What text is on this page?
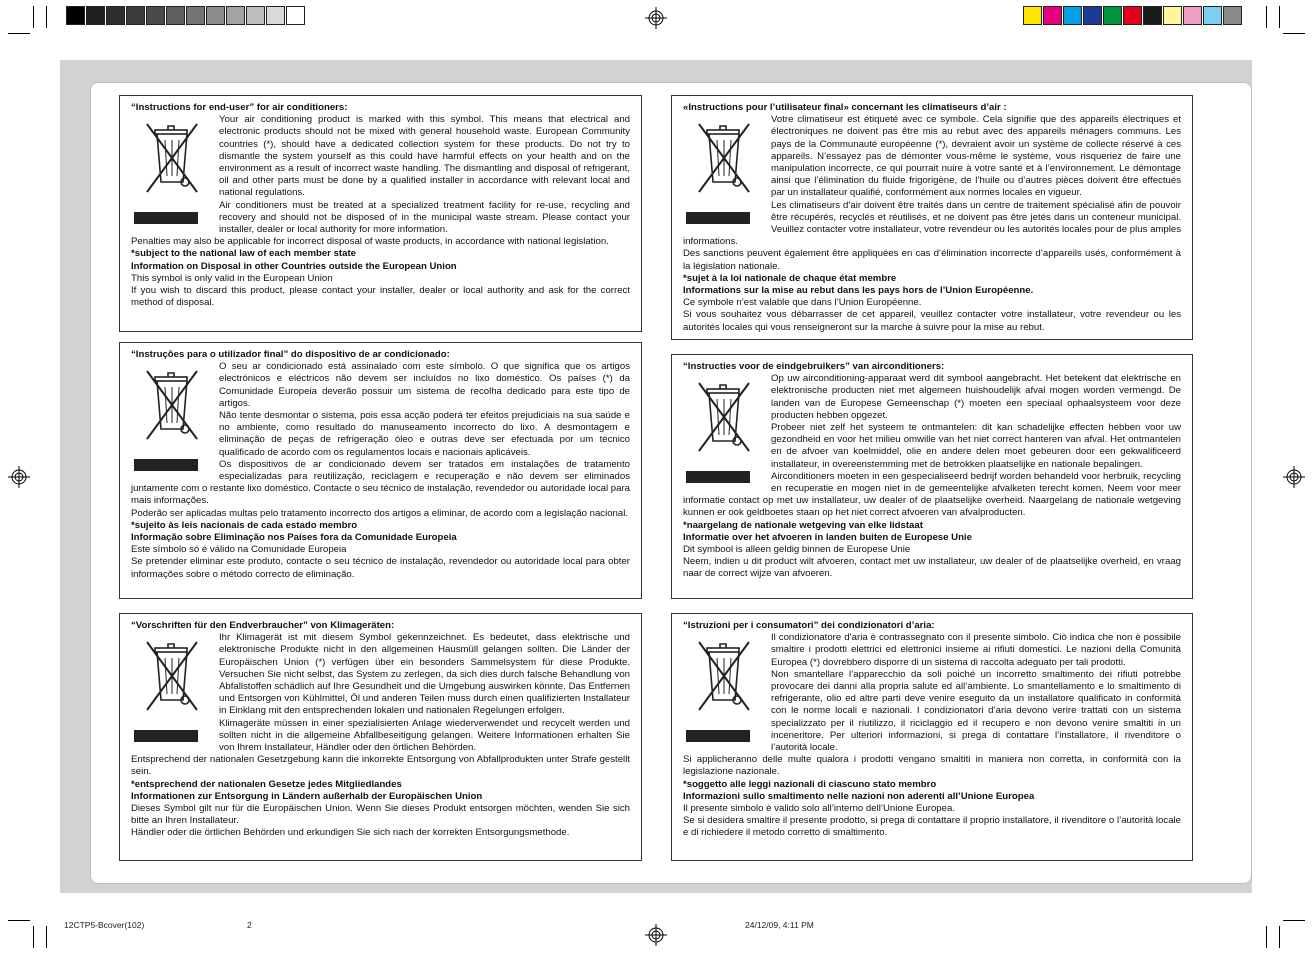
“Instructions for end-user” for air conditioners:

Your air conditioning product is marked with this symbol. This means that electrical and electronic products should not be mixed with general household waste. European Community countries (*), should have a dedicated collection system for these products. Do not try to dismantle the system yourself as this could have harmful effects on your health and on the environment as a result of incorrect waste handling. The dismantling and disposal of refrigerant, oil and other parts must be done by a qualified installer in accordance with relevant local and national regulations.

Air conditioners must be treated at a specialized treatment facility for re-use, recycling and recovery and should not be disposed of in the municipal waste stream. Please contact your installer, dealer or local authority for more information.

Penalties may also be applicable for incorrect disposal of waste products, in accordance with national legislation.

*subject to the national law of each member state

Information on Disposal in other Countries outside the European Union

This symbol is only valid in the European Union

If you wish to discard this product, please contact your installer, dealer or local authority and ask for the correct method of disposal.

“Instruções para o utilizador final” do dispositivo de ar condicionado:

O seu ar condicionado está assinalado com este símbolo. O que significa que os artigos electrónicos e eléctricos não devem ser incluídos no lixo doméstico. Os países (*) da Comunidade Europeia deverão possuir um sistema de recolha dedicado para este tipo de artigos.

Não tente desmontar o sistema, pois essa acção poderá ter efeitos prejudiciais na sua saúde e no ambiente, como resultado do manuseamento incorrecto do lixo. A desmontagem e eliminação de peças de refrigeração óleo e outras deve ser efectuada por um técnico qualificado de acordo com os regulamentos locais e nacionais aplicáveis.

Os dispositivos de ar condicionado devem ser tratados em instalações de tratamento especializadas para reutilização, reciclagem e recuperação e não devem ser eliminados juntamente com o restante lixo doméstico. Contacte o seu técnico de instalação, revendedor ou autoridade local para mais informações.

Poderão ser aplicadas multas pelo tratamento incorrecto dos artigos a eliminar, de acordo com a legislação nacional.

*sujeito às leis nacionais de cada estado membro

Informação sobre Eliminação nos Países fora da Comunidade Europeia

Este símbolo só é válido na Comunidade Europeia

Se pretender eliminar este produto, contacte o seu técnico de instalação, revendedor ou autoridade local para obter informações sobre o método correcto de eliminação.

“Vorschriften für den Endverbraucher” von Klimageräten:

Ihr Klimagerät ist mit diesem Symbol gekennzeichnet. Es bedeutet, dass elektrische und elektronische Produkte nicht in den allgemeinen Hausmüll gelangen sollten. Die Länder der Europäischen Union (*) verfügen über ein besonders Sammelsystem für diese Produkte. Versuchen Sie nicht selbst, das System zu zerlegen, da sich dies durch falsche Behandlung von Abfallstoffen schädlich auf Ihre Gesundheit und die Umgebung auswirken könnte. Das Entfernen und Entsorgen von Kühlmittel, Öl und anderen Teilen muss durch einen qualifizierten Installateur in Einklang mit den entsprechenden lokalen und nationalen Regelungen erfolgen.

Klimageräte müssen in einer spezialisierten Anlage wiederverwendet und recycelt werden und sollten nicht in die allgemeine Abfallbeseitigung gelangen. Weitere Informationen erhalten Sie von Ihrem Installateur, Händler oder den örtlichen Behörden.

Entsprechend der nationalen Gesetzgebung kann die inkorrekte Entsorgung von Abfallprodukten unter Strafe gestellt sein.

*entsprechend der nationalen Gesetze jedes Mitgliedlandes

Informationen zur Entsorgung in Ländern außerhalb der Europäischen Union

Dieses Symbol gilt nur für die Europäischen Union. Wenn Sie dieses Produkt entsorgen möchten, wenden Sie sich bitte an Ihren Installateur.

Händler oder die örtlichen Behörden und erkundigen Sie sich nach der korrekten Entsorgungsmethode.

«Instructions pour l’utilisateur final» concernant les climatiseurs d’air :

Votre climatiseur est étiqueté avec ce symbole. Cela signifie que des appareils électriques et électroniques ne doivent pas être mis au rebut avec des appareils ménagers communs. Les pays de la Communauté européenne (*), devraient avoir un système de collecte réservé à ces appareils. N’essayez pas de démonter vous-même le système, vous risqueriez de faire une manipulation incorrecte, ce qui pourrait nuire à votre santé et à l’environnement. Le démontage ainsi que l’élimination du fluide frigorigène, de l’huile ou d’autres pièces doivent être effectués par un installateur qualifié, conformément aux normes locales en vigueur.

Les climatiseurs d’air doivent être traités dans un centre de traitement spécialisé afin de pouvoir être récupérés, recyclés et réutilisés, et ne doivent pas être jetés dans un conteneur municipal. Veuillez contacter votre installateur, votre revendeur ou les autorités locales pour de plus amples informations.

Des sanctions peuvent également être appliquées en cas d’élimination incorrecte d’appareils usés, conformément à la législation nationale.

*sujet à la loi nationale de chaque état membre

Informations sur la mise au rebut dans les pays hors de l’Union Européenne.

Ce symbole n’est valable que dans l’Union Européenne.

Si vous souhaitez vous débarrasser de cet appareil, veuillez contacter votre installateur, votre revendeur ou les autorités locales qui vous renseigneront sur la marche à suivre pour la mise au rebut.

“Instructies voor de eindgebruikers” van airconditioners:

Op uw airconditioning-apparaat werd dit symbool aangebracht. Het betekent dat elektrische en elektronische producten niet met algemeen huishoudelijk afval mogen worden vermengd. De landen van de Europese Gemeenschap (*) moeten een speciaal ophaalsysteem voor deze producten hebben opgezet.

Probeer niet zelf het systeem te ontmantelen: dit kan schadelijke effecten hebben voor uw gezondheid en voor het milieu omwille van het niet correct hanteren van afval. Het ontmantelen en de afvoer van koelmiddel, olie en andere delen moet gebeuren door een gekwalificeerd installateur, in overeenstemming met de betrokken plaatselijke en nationale bepalingen.

Airconditioners moeten in een gespecialiseerd bedrijf worden behandeld voor herbruik, recycling en recuperatie en mogen niet in de gemeentelijke afvalketen terecht komen. Neem voor meer informatie contact op met uw installateur, uw dealer of de plaatselijke overheid. Naargelang de nationale wetgeving kunnen er ook geldboetes staan op het niet correct afvoeren van afvalproducten.

*naargelang de nationale wetgeving van elke lidstaat

Informatie over het afvoeren in landen buiten de Europese Unie

Dit symbool is alleen geldig binnen de Europese Unie

Neem, indien u dit product wilt afvoeren, contact met uw installateur, uw dealer of de plaatselijke overheid, en vraag naar de correct wijze van afvoeren.

“Istruzioni per i consumatori” dei condizionatori d’aria:

Il condizionatore d’aria è contrassegnato con il presente simbolo. Ciò indica che non è possibile smaltire i prodotti elettrici ed elettronici insieme ai rifiuti domestici. Le nazioni della Comunità Europea (*) dovrebbero disporre di un sistema di raccolta adeguato per tali prodotti.

Non smantellare l’apparecchio da soli poiché un incorretto smaltimento dei rifiuti potrebbe provocare dei danni alla propria salute ed all’ambiente. Lo smantellamento e lo smaltimento di refrigerante, olio ed altre parti deve venire eseguito da un installatore qualificato in conformità con le norme locali e nazionali. I condizionatori d’aria devono verire trattati con un sistema specializzato per il riutilizzo, il riciclaggio ed il recupero e non devono venire smaltiti in un inceneritore. Per ulteriori informazioni, si prega di contattare l’installatore, il rivenditore o l’autorità locale.

Si applicheranno delle multe qualora i prodotti vengano smaltiti in maniera non corretta, in conformità con la legislazione nazionale.

*soggetto alle leggi nazionali di ciascuno stato membro

Informazioni sullo smaltimento nelle nazioni non aderenti all’Unione Europea

Il presente simbolo è valido solo all’interno dell’Unione Europea.

Se si desidera smaltire il presente prodotto, si prega di contattare il proprio installatore, il rivenditore o l’autorità locale e di richiedere il metodo corretto di smaltimento.

12CTP5-Bcover(102)	2	24/12/09, 4:11 PM
